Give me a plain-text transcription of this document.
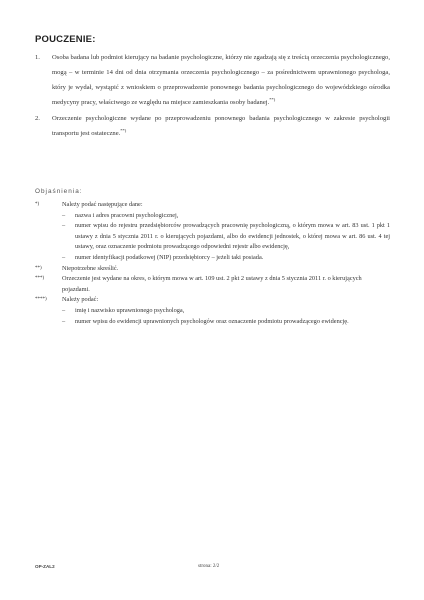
POUCZENIE:
1. Osoba badana lub podmiot kierujący na badanie psychologiczne, którzy nie zgadzają się z treścią orzeczenia psychologicznego, mogą – w terminie 14 dni od dnia otrzymania orzeczenia psychologicznego – za pośrednictwem uprawnionego psychologa, który je wydał, wystąpić z wnioskiem o przeprowadzenie ponownego badania psychologicznego do wojewódzkiego ośrodka medycyny pracy, właściwego ze względu na miejsce zamieszkania osoby badanej.**)
2. Orzeczenie psychologiczne wydane po przeprowadzeniu ponownego badania psychologicznego w zakresie psychologii transportu jest ostateczne.**)
Objaśnienia:
*)	Należy podać następujące dane:
– nazwa i adres pracowni psychologicznej,
– numer wpisu do rejestru przedsiębiorców prowadzących pracownię psychologiczną, o którym mowa w art. 83 ust. 1 pkt 1 ustawy z dnia 5 stycznia 2011 r. o kierujących pojazdami, albo do ewidencji jednostek, o której mowa w art. 86 ust. 4 tej ustawy, oraz oznaczenie podmiotu prowadzącego odpowiedni rejestr albo ewidencję,
– numer identyfikacji podatkowej (NIP) przedsiębiorcy – jeżeli taki posiada.
**)	Niepotrzebne skreślić.
***)	Orzeczenie jest wydane na okres, o którym mowa w art. 109 ust. 2 pkt 2 ustawy z dnia 5 stycznia 2011 r. o kierujących pojazdami.
****) Należy podać:
– imię i nazwisko uprawnionego psychologa,
– numer wpisu do ewidencji uprawnionych psychologów oraz oznaczenie podmiotu prowadzącego ewidencję.
OP-ZAL2	strona: 2/2
